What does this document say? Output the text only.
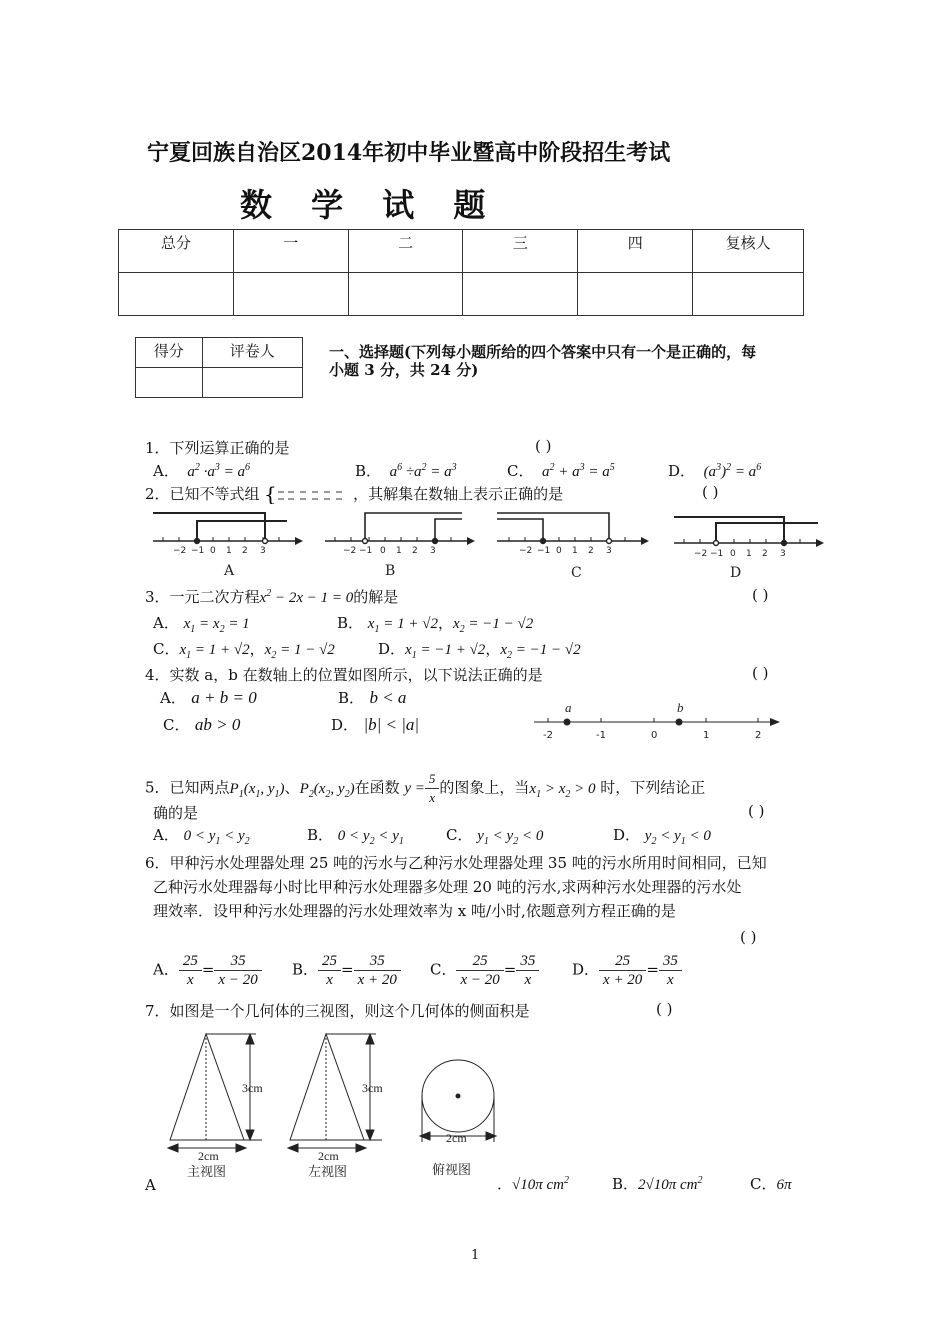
宁夏回族自治区2014年初中毕业暨高中阶段招生考试
数 学 试 题
总分	一	二	三	四	复核人

得分	评卷人
		一、选择题(下列每小题所给的四个答案中只有一个是正确的，每
小题 3 分，共 24 分)
1．下列运算正确的是	( )
A．  $a^2 \cdot a^3 = a^6$	B．  $a^6 \div a^2 = a^3$	C．  $a^2 + a^3 = a^5$	D．  $(a^3)^2 = a^6$
2．已知不等式组 {	，其解集在数轴上表示正确的是	( )
−2 −1 0 1 2 3
A
−2 −1 0 1 2 3
B
−2 −1 0 1 2 3
C
−2 −1 0 1 2 3
D
3．一元二次方程$x^2 - 2x - 1 = 0$的解是	( )
A． $x_1 = x_2 = 1$	B． $x_1 = 1 + √2$，$x_2 = -1 - √2$
C．$x_1 = 1 + √2$，$x_2 = 1 - √2$	D．$x_1 = -1 + √2$，$x_2 = -1 - √2$
4．实数 a，b 在数轴上的位置如图所示，以下说法正确的是	( )
A． a + b = 0	B． b < a
C． ab > 0	D． |b| < |a|
a	b
-2	-1	0	1	2
5．已知两点$P_1(x_1$, $y_1$)、$P_2(x_2$, $y_2$)在函数 $y = \frac{5}{x}$ 的图象上，当$x_1 > x_2 > 0$ 时，下列结论正
确的是	( )
A． $0 < y_1 < y_2$	B． $0 < y_2 < y_1$	C． $y_1 < y_2 < 0$	D． $y_2 < y_1 < 0$
6．甲种污水处理器处理 25 吨的污水与乙种污水处理器处理 35 吨的污水所用时间相同，已知
乙种污水处理器每小时比甲种污水处理器多处理 20 吨的污水,求两种污水处理器的污水处
理效率．设甲种污水处理器的污水处理效率为 x 吨/小时,依题意列方程正确的是
( )
A． $\frac{25}{x} = \frac{35}{x - 20}$ B． $\frac{25}{x} = \frac{35}{x + 20}$ C． $\frac{25}{x - 20} = \frac{35}{x}$ D． $\frac{25}{x + 20} = \frac{35}{x}$
7．如图是一个几何体的三视图，则这个几何体的侧面积是	( )
3cm
2cm
主视图
3cm
2cm
左视图
2cm
俯视图
A	．√10π $cm^2$	B．2√10π $cm^2$	C．6π
1
